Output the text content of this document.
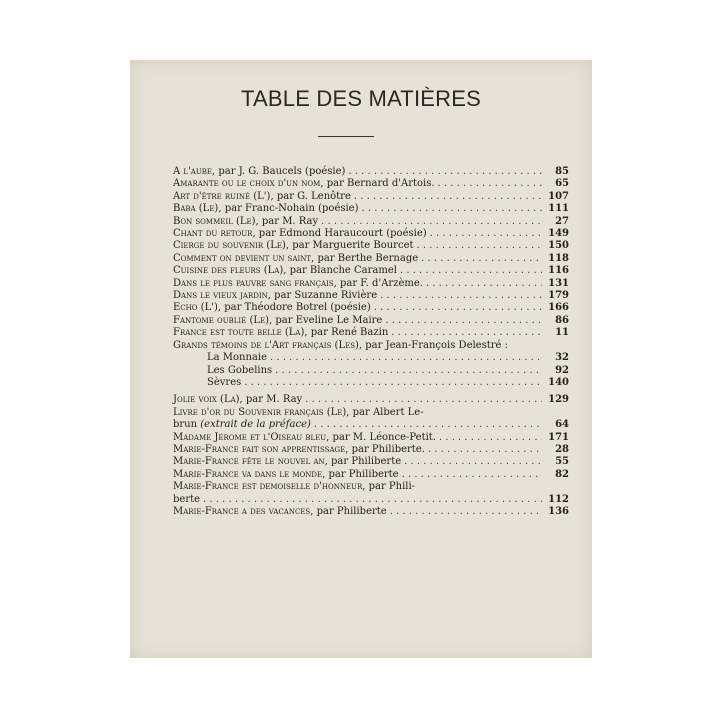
TABLE DES MATIÈRES
A l'aube, par J. G. Baucels (poésie) . . .	85
Amarante ou le choix d'un nom, par Bernard d'Artois. . . .	65
Art d'être ruiné (L'), par G. Lenôtre . . .	107
Baba (Le), par Franc-Nohain (poésie) . . .	111
Bon sommeil (Le), par M. Ray . . .	27
Chant du retour, par Edmond Haraucourt (poésie) . . .	149
Cierge du souvenir (Le), par Marguerite Bourcet . . .	150
Comment on devient un saint, par Berthe Bernage . . .	118
Cuisine des fleurs (La), par Blanche Caramel . . .	116
Dans le plus pauvre sang français, par F. d'Arzème. . . .	131
Dans le vieux jardin, par Suzanne Rivière . . .	179
Echo (L'), par Théodore Botrel (poésie) . . .	166
Fantome oublié (Le), par Eveline Le Maire . . .	86
France est toute belle (La), par René Bazin . . .	11
Grands témoins de l'Art français (Les), par Jean-François Delestré :
La Monnaie . . .	32
Les Gobelins . . .	92
Sèvres . . .	140
Jolie voix (La), par M. Ray . . .	129
Livre d'or du Souvenir français (Le), par Albert Le-
brun (extrait de la préface) . . .	64
Madame Jérome et l'Oiseau bleu, par M. Léonce-Petit. . . .	171
Marie-France fait son apprentissage, par Philiberte. . . .	28
Marie-France fête le nouvel an, par Philiberte . . .	55
Marie-France va dans le monde, par Philiberte . . .	82
Marie-France est demoiselle d'honneur, par Phili-
berte . . .	112
Marie-France a des vacances, par Philiberte . . .	136
